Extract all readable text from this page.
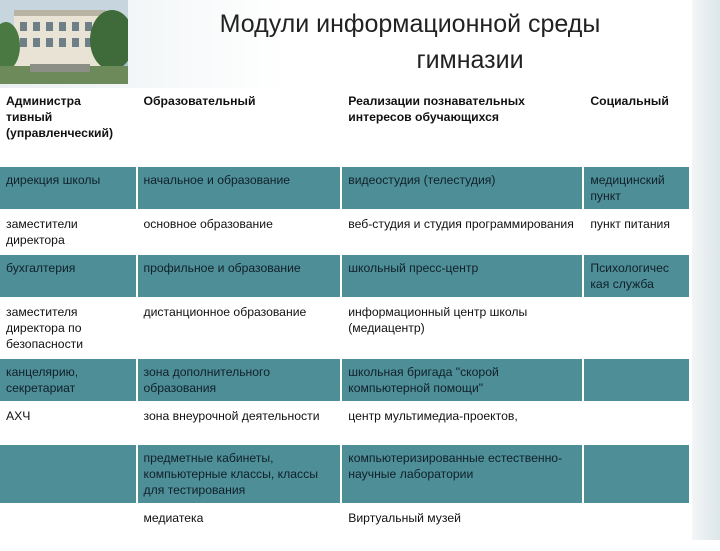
Модули информационной среды
гимназии
Администра тивный (управленческий)	Образовательный	Реализации познавательных интересов обучающихся	Социальный
дирекция школы	начальное и образование	видеостудия (телестудия)	медицинский пункт
заместители директора	основное образование	веб-студия и студия программирования	пункт питания
бухгалтерия	профильное и образование	школьный пресс-центр	Психологичес кая служба
заместителя директора по безопасности	дистанционное образование	информационный центр школы (медиацентр)	
канцелярию, секретариат	зона дополнительного образования	школьная бригада "скорой компьютерной помощи"	
АХЧ	зона внеурочной деятельности	центр мультимедиа-проектов,	
	предметные кабинеты, компьютерные классы, классы для тестирования	компьютеризированные естественно-научные лаборатории	
	медиатека	Виртуальный музей	
